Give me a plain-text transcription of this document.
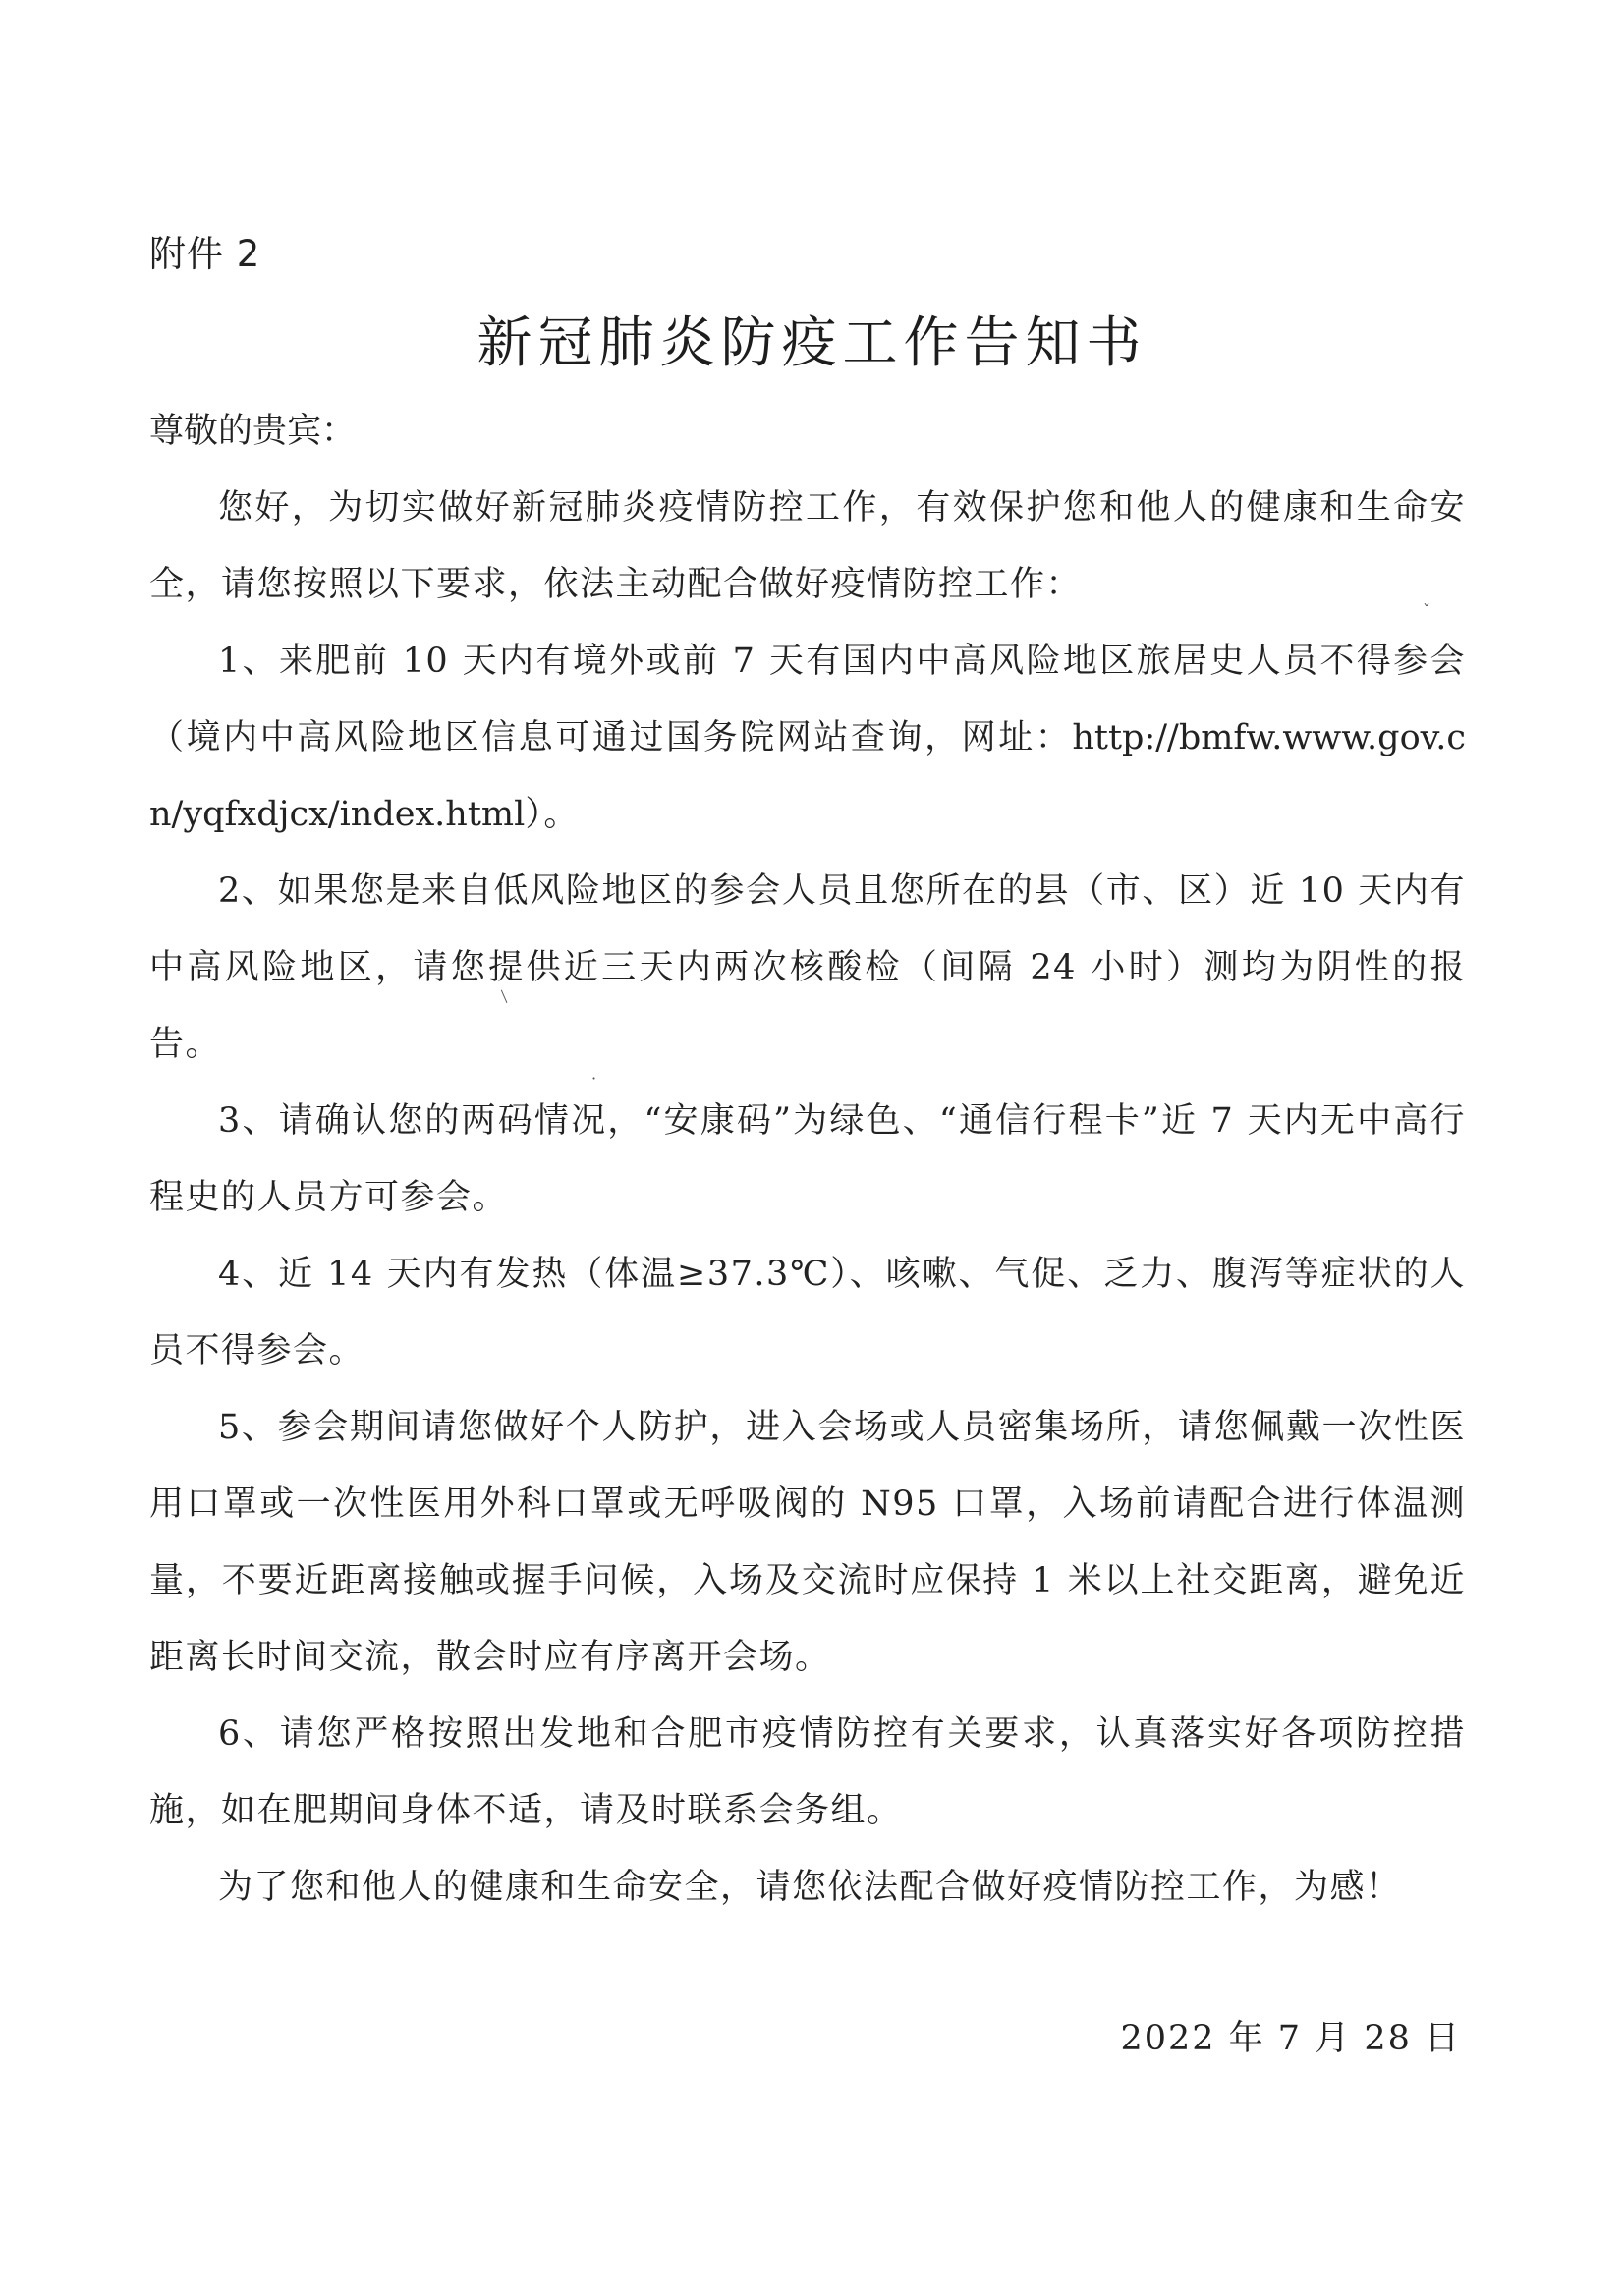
附件 2
新冠肺炎防疫工作告知书

尊敬的贵宾：

您好，为切实做好新冠肺炎疫情防控工作，有效保护您和他人的健康和生命安全，请您按照以下要求，依法主动配合做好疫情防控工作：

1、来肥前 10 天内有境外或前 7 天有国内中高风险地区旅居史人员不得参会（境内中高风险地区信息可通过国务院网站查询，网址：http://bmfw.www.gov.cn/yqfxdjcx/index.html）。

2、如果您是来自低风险地区的参会人员且您所在的县（市、区）近 10 天内有中高风险地区，请您提供近三天内两次核酸检（间隔 24 小时）测均为阴性的报告。

3、请确认您的两码情况，“安康码”为绿色、“通信行程卡”近 7 天内无中高行程史的人员方可参会。

4、近 14 天内有发热（体温≥37.3℃）、咳嗽、气促、乏力、腹泻等症状的人员不得参会。

5、参会期间请您做好个人防护，进入会场或人员密集场所，请您佩戴一次性医用口罩或一次性医用外科口罩或无呼吸阀的 N95 口罩，入场前请配合进行体温测量，不要近距离接触或握手问候，入场及交流时应保持 1 米以上社交距离，避免近距离长时间交流，散会时应有序离开会场。

6、请您严格按照出发地和合肥市疫情防控有关要求，认真落实好各项防控措施，如在肥期间身体不适，请及时联系会务组。

为了您和他人的健康和生命安全，请您依法配合做好疫情防控工作，为感！

2022 年 7 月 28 日
ˇ
⁄
·
